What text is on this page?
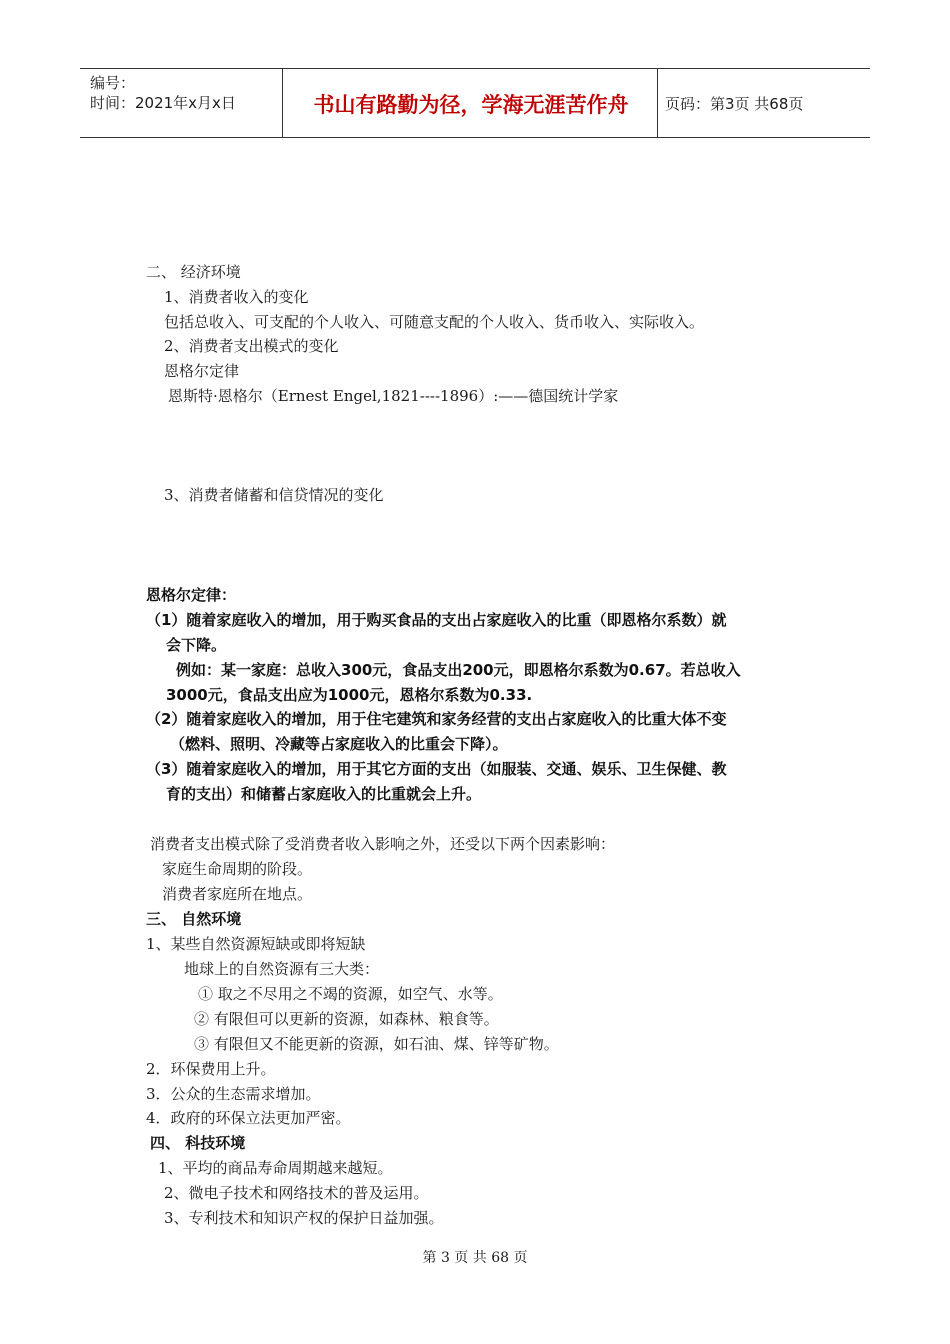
编号：
时间：2021年x月x日	书山有路勤为径，学海无涯苦作舟	页码：第3页 共68页
二、 经济环境
1、消费者收入的变化
包括总收入、可支配的个人收入、可随意支配的个人收入、货币收入、实际收入。
2、消费者支出模式的变化
恩格尔定律
恩斯特·恩格尔（Ernest Engel,1821----1896）:——德国统计学家
3、消费者储蓄和信贷情况的变化
恩格尔定律：
（1）随着家庭收入的增加，用于购买食品的支出占家庭收入的比重（即恩格尔系数）就
会下降。
例如：某一家庭：总收入300元，食品支出200元，即恩格尔系数为0.67。若总收入
3000元，食品支出应为1000元，恩格尔系数为0.33.
（2）随着家庭收入的增加，用于住宅建筑和家务经营的支出占家庭收入的比重大体不变
（燃料、照明、冷藏等占家庭收入的比重会下降）。
（3）随着家庭收入的增加，用于其它方面的支出（如服装、交通、娱乐、卫生保健、教
育的支出）和储蓄占家庭收入的比重就会上升。
消费者支出模式除了受消费者收入影响之外，还受以下两个因素影响：
家庭生命周期的阶段。
消费者家庭所在地点。
三、 自然环境
1、某些自然资源短缺或即将短缺
地球上的自然资源有三大类：
① 取之不尽用之不竭的资源，如空气、水等。
② 有限但可以更新的资源，如森林、粮食等。
③ 有限但又不能更新的资源，如石油、煤、锌等矿物。
2．环保费用上升。
3．公众的生态需求增加。
4．政府的环保立法更加严密。
四、 科技环境
1、平均的商品寿命周期越来越短。
2、微电子技术和网络技术的普及运用。
3、专利技术和知识产权的保护日益加强。
第 3 页 共 68 页
